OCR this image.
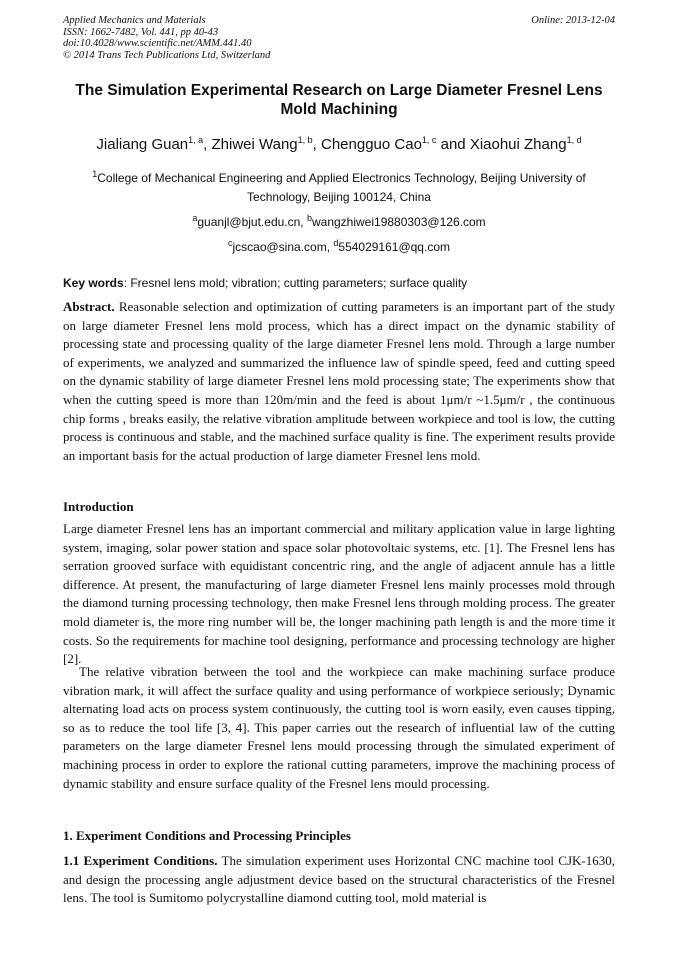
Applied Mechanics and Materials
ISSN: 1662-7482, Vol. 441, pp 40-43
doi:10.4028/www.scientific.net/AMM.441.40
© 2014 Trans Tech Publications Ltd, Switzerland
Online: 2013-12-04
The Simulation Experimental Research on Large Diameter Fresnel Lens Mold Machining
Jialiang Guan$^{1, a}$, Zhiwei Wang$^{1, b}$, Chengguo Cao$^{1, c}$ and Xiaohui Zhang$^{1, d}$
$^1$College of Mechanical Engineering and Applied Electronics Technology, Beijing University of Technology, Beijing 100124, China
$^a$guanjl@bjut.edu.cn, $^b$wangzhiwei19880303@126.com
$^c$jcscao@sina.com, $^d$554029161@qq.com
Key words: Fresnel lens mold; vibration; cutting parameters; surface quality
Abstract. Reasonable selection and optimization of cutting parameters is an important part of the study on large diameter Fresnel lens mold process, which has a direct impact on the dynamic stability of processing state and processing quality of the large diameter Fresnel lens mold. Through a large number of experiments, we analyzed and summarized the influence law of spindle speed, feed and cutting speed on the dynamic stability of large diameter Fresnel lens mold processing state; The experiments show that when the cutting speed is more than 120m/min and the feed is about 1μm/r ~1.5μm/r , the continuous chip forms , breaks easily, the relative vibration amplitude between workpiece and tool is low, the cutting process is continuous and stable, and the machined surface quality is fine. The experiment results provide an important basis for the actual production of large diameter Fresnel lens mold.
Introduction
Large diameter Fresnel lens has an important commercial and military application value in large lighting system, imaging, solar power station and space solar photovoltaic systems, etc. [1]. The Fresnel lens has serration grooved surface with equidistant concentric ring, and the angle of adjacent annule has a little difference. At present, the manufacturing of large diameter Fresnel lens mainly processes mold through the diamond turning processing technology, then make Fresnel lens through molding process. The greater mold diameter is, the more ring number will be, the longer machining path length is and the more time it costs. So the requirements for machine tool designing, performance and processing technology are higher [2].
The relative vibration between the tool and the workpiece can make machining surface produce vibration mark, it will affect the surface quality and using performance of workpiece seriously; Dynamic alternating load acts on process system continuously, the cutting tool is worn easily, even causes tipping, so as to reduce the tool life [3, 4]. This paper carries out the research of influential law of the cutting parameters on the large diameter Fresnel lens mould processing through the simulated experiment of machining process in order to explore the rational cutting parameters, improve the machining process of dynamic stability and ensure surface quality of the Fresnel lens mould processing.
1. Experiment Conditions and Processing Principles
1.1 Experiment Conditions. The simulation experiment uses Horizontal CNC machine tool CJK-1630, and design the processing angle adjustment device based on the structural characteristics of the Fresnel lens. The tool is Sumitomo polycrystalline diamond cutting tool, mold material is
